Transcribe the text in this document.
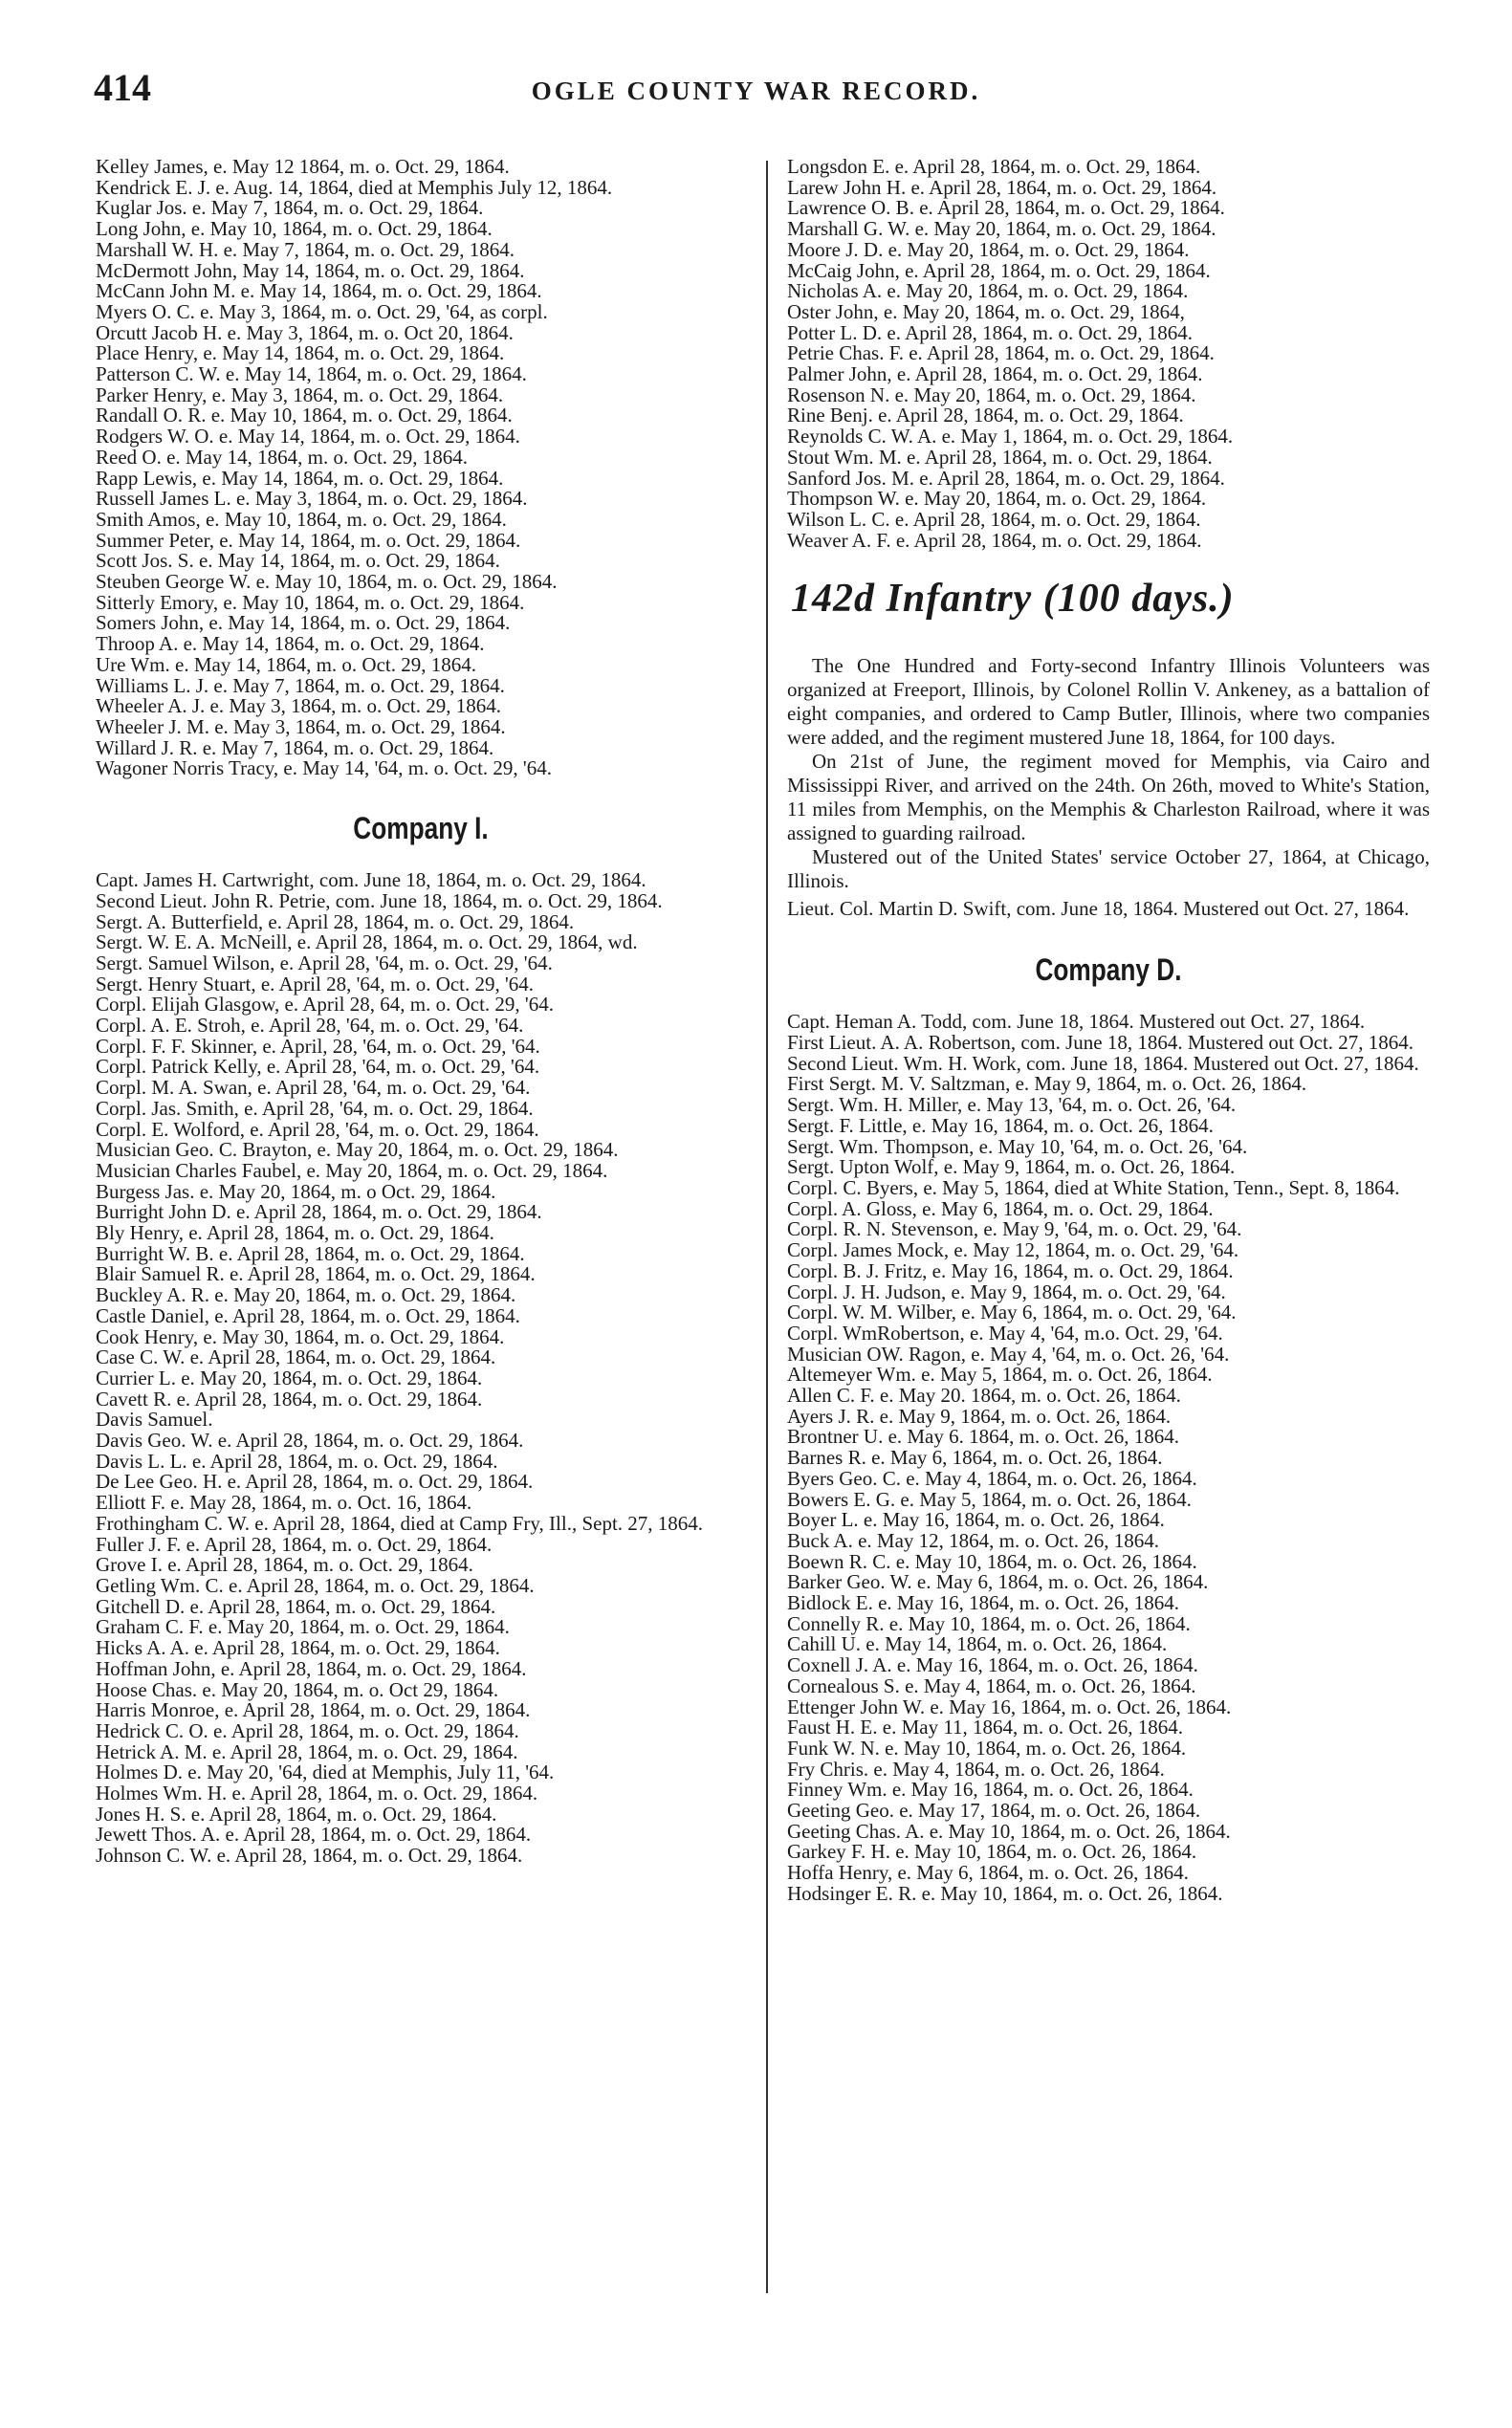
414	OGLE COUNTY WAR RECORD.
Kelley James, e. May 12 1864, m. o. Oct. 29, 1864.
Kendrick E. J. e. Aug. 14, 1864, died at Memphis July 12, 1864.
Kuglar Jos. e. May 7, 1864, m. o. Oct. 29, 1864.
Long John, e. May 10, 1864, m. o. Oct. 29, 1864.
Marshall W. H. e. May 7, 1864, m. o. Oct. 29, 1864.
McDermott John, May 14, 1864, m. o. Oct. 29, 1864.
McCann John M. e. May 14, 1864, m. o. Oct. 29, 1864.
Myers O. C. e. May 3, 1864, m. o. Oct. 29, '64, as corpl.
Orcutt Jacob H. e. May 3, 1864, m. o. Oct 20, 1864.
Place Henry, e. May 14, 1864, m. o. Oct. 29, 1864.
Patterson C. W. e. May 14, 1864, m. o. Oct. 29, 1864.
Parker Henry, e. May 3, 1864, m. o. Oct. 29, 1864.
Randall O. R. e. May 10, 1864, m. o. Oct. 29, 1864.
Rodgers W. O. e. May 14, 1864, m. o. Oct. 29, 1864.
Reed O. e. May 14, 1864, m. o. Oct. 29, 1864.
Rapp Lewis, e. May 14, 1864, m. o. Oct. 29, 1864.
Russell James L. e. May 3, 1864, m. o. Oct. 29, 1864.
Smith Amos, e. May 10, 1864, m. o. Oct. 29, 1864.
Summer Peter, e. May 14, 1864, m. o. Oct. 29, 1864.
Scott Jos. S. e. May 14, 1864, m. o. Oct. 29, 1864.
Steuben George W. e. May 10, 1864, m. o. Oct. 29, 1864.
Sitterly Emory, e. May 10, 1864, m. o. Oct. 29, 1864.
Somers John, e. May 14, 1864, m. o. Oct. 29, 1864.
Throop A. e. May 14, 1864, m. o. Oct. 29, 1864.
Ure Wm. e. May 14, 1864, m. o. Oct. 29, 1864.
Williams L. J. e. May 7, 1864, m. o. Oct. 29, 1864.
Wheeler A. J. e. May 3, 1864, m. o. Oct. 29, 1864.
Wheeler J. M. e. May 3, 1864, m. o. Oct. 29, 1864.
Willard J. R. e. May 7, 1864, m. o. Oct. 29, 1864.
Wagoner Norris Tracy, e. May 14, '64, m. o. Oct. 29, '64.
Company I.
Capt. James H. Cartwright, com. June 18, 1864, m. o. Oct. 29, 1864.
Second Lieut. John R. Petrie, com. June 18, 1864, m. o. Oct. 29, 1864.
Sergt. A. Butterfield, e. April 28, 1864, m. o. Oct. 29, 1864.
Sergt. W. E. A. McNeill, e. April 28, 1864, m. o. Oct. 29, 1864, wd.
Sergt. Samuel Wilson, e. April 28, '64, m. o. Oct. 29, '64.
Sergt. Henry Stuart, e. April 28, '64, m. o. Oct. 29, '64.
Corpl. Elijah Glasgow, e. April 28, 64, m. o. Oct. 29, '64.
Corpl. A. E. Stroh, e. April 28, '64, m. o. Oct. 29, '64.
Corpl. F. F. Skinner, e. April, 28, '64, m. o. Oct. 29, '64.
Corpl. Patrick Kelly, e. April 28, '64, m. o. Oct. 29, '64.
Corpl. M. A. Swan, e. April 28, '64, m. o. Oct. 29, '64.
Corpl. Jas. Smith, e. April 28, '64, m. o. Oct. 29, 1864.
Corpl. E. Wolford, e. April 28, '64, m. o. Oct. 29, 1864.
Musician Geo. C. Brayton, e. May 20, 1864, m. o. Oct. 29, 1864.
Musician Charles Faubel, e. May 20, 1864, m. o. Oct. 29, 1864.
Burgess Jas. e. May 20, 1864, m. o Oct. 29, 1864.
Burright John D. e. April 28, 1864, m. o. Oct. 29, 1864.
Bly Henry, e. April 28, 1864, m. o. Oct. 29, 1864.
Burright W. B. e. April 28, 1864, m. o. Oct. 29, 1864.
Blair Samuel R. e. April 28, 1864, m. o. Oct. 29, 1864.
Buckley A. R. e. May 20, 1864, m. o. Oct. 29, 1864.
Castle Daniel, e. April 28, 1864, m. o. Oct. 29, 1864.
Cook Henry, e. May 30, 1864, m. o. Oct. 29, 1864.
Case C. W. e. April 28, 1864, m. o. Oct. 29, 1864.
Currier L. e. May 20, 1864, m. o. Oct. 29, 1864.
Cavett R. e. April 28, 1864, m. o. Oct. 29, 1864.
Davis Samuel.
Davis Geo. W. e. April 28, 1864, m. o. Oct. 29, 1864.
Davis L. L. e. April 28, 1864, m. o. Oct. 29, 1864.
De Lee Geo. H. e. April 28, 1864, m. o. Oct. 29, 1864.
Elliott F. e. May 28, 1864, m. o. Oct. 16, 1864.
Frothingham C. W. e. April 28, 1864, died at Camp Fry, Ill., Sept. 27, 1864.
Fuller J. F. e. April 28, 1864, m. o. Oct. 29, 1864.
Grove I. e. April 28, 1864, m. o. Oct. 29, 1864.
Getling Wm. C. e. April 28, 1864, m. o. Oct. 29, 1864.
Gitchell D. e. April 28, 1864, m. o. Oct. 29, 1864.
Graham C. F. e. May 20, 1864, m. o. Oct. 29, 1864.
Hicks A. A. e. April 28, 1864, m. o. Oct. 29, 1864.
Hoffman John, e. April 28, 1864, m. o. Oct. 29, 1864.
Hoose Chas. e. May 20, 1864, m. o. Oct 29, 1864.
Harris Monroe, e. April 28, 1864, m. o. Oct. 29, 1864.
Hedrick C. O. e. April 28, 1864, m. o. Oct. 29, 1864.
Hetrick A. M. e. April 28, 1864, m. o. Oct. 29, 1864.
Holmes D. e. May 20, '64, died at Memphis, July 11, '64.
Holmes Wm. H. e. April 28, 1864, m. o. Oct. 29, 1864.
Jones H. S. e. April 28, 1864, m. o. Oct. 29, 1864.
Jewett Thos. A. e. April 28, 1864, m. o. Oct. 29, 1864.
Johnson C. W. e. April 28, 1864, m. o. Oct. 29, 1864.
Longsdon E. e. April 28, 1864, m. o. Oct. 29, 1864.
Larew John H. e. April 28, 1864, m. o. Oct. 29, 1864.
Lawrence O. B. e. April 28, 1864, m. o. Oct. 29, 1864.
Marshall G. W. e. May 20, 1864, m. o. Oct. 29, 1864.
Moore J. D. e. May 20, 1864, m. o. Oct. 29, 1864.
McCaig John, e. April 28, 1864, m. o. Oct. 29, 1864.
Nicholas A. e. May 20, 1864, m. o. Oct. 29, 1864.
Oster John, e. May 20, 1864, m. o. Oct. 29, 1864,
Potter L. D. e. April 28, 1864, m. o. Oct. 29, 1864.
Petrie Chas. F. e. April 28, 1864, m. o. Oct. 29, 1864.
Palmer John, e. April 28, 1864, m. o. Oct. 29, 1864.
Rosenson N. e. May 20, 1864, m. o. Oct. 29, 1864.
Rine Benj. e. April 28, 1864, m. o. Oct. 29, 1864.
Reynolds C. W. A. e. May 1, 1864, m. o. Oct. 29, 1864.
Stout Wm. M. e. April 28, 1864, m. o. Oct. 29, 1864.
Sanford Jos. M. e. April 28, 1864, m. o. Oct. 29, 1864.
Thompson W. e. May 20, 1864, m. o. Oct. 29, 1864.
Wilson L. C. e. April 28, 1864, m. o. Oct. 29, 1864.
Weaver A. F. e. April 28, 1864, m. o. Oct. 29, 1864.
142d Infantry (100 days.)
The One Hundred and Forty-second Infantry Illinois Volunteers was organized at Freeport, Illinois, by Colonel Rollin V. Ankeney, as a battalion of eight companies, and ordered to Camp Butler, Illinois, where two companies were added, and the regiment mustered June 18, 1864, for 100 days.
On 21st of June, the regiment moved for Memphis, via Cairo and Mississippi River, and arrived on the 24th. On 26th, moved to White's Station, 11 miles from Memphis, on the Memphis & Charleston Railroad, where it was assigned to guarding railroad.
Mustered out of the United States' service October 27, 1864, at Chicago, Illinois.
Lieut. Col. Martin D. Swift, com. June 18, 1864. Mustered out Oct. 27, 1864.
Company D.
Capt. Heman A. Todd, com. June 18, 1864. Mustered out Oct. 27, 1864.
First Lieut. A. A. Robertson, com. June 18, 1864. Mustered out Oct. 27, 1864.
Second Lieut. Wm. H. Work, com. June 18, 1864. Mustered out Oct. 27, 1864.
First Sergt. M. V. Saltzman, e. May 9, 1864, m. o. Oct. 26, 1864.
Sergt. Wm. H. Miller, e. May 13, '64, m. o. Oct. 26, '64.
Sergt. F. Little, e. May 16, 1864, m. o. Oct. 26, 1864.
Sergt. Wm. Thompson, e. May 10, '64, m. o. Oct. 26, '64.
Sergt. Upton Wolf, e. May 9, 1864, m. o. Oct. 26, 1864.
Corpl. C. Byers, e. May 5, 1864, died at White Station, Tenn., Sept. 8, 1864.
Corpl. A. Gloss, e. May 6, 1864, m. o. Oct. 29, 1864.
Corpl. R. N. Stevenson, e. May 9, '64, m. o. Oct. 29, '64.
Corpl. James Mock, e. May 12, 1864, m. o. Oct. 29, '64.
Corpl. B. J. Fritz, e. May 16, 1864, m. o. Oct. 29, 1864.
Corpl. J. H. Judson, e. May 9, 1864, m. o. Oct. 29, '64.
Corpl. W. M. Wilber, e. May 6, 1864, m. o. Oct. 29, '64.
Corpl. WmRobertson, e. May 4, '64, m.o. Oct. 29, '64.
Musician OW. Ragon, e. May 4, '64, m. o. Oct. 26, '64.
Altemeyer Wm. e. May 5, 1864, m. o. Oct. 26, 1864.
Allen C. F. e. May 20. 1864, m. o. Oct. 26, 1864.
Ayers J. R. e. May 9, 1864, m. o. Oct. 26, 1864.
Brontner U. e. May 6. 1864, m. o. Oct. 26, 1864.
Barnes R. e. May 6, 1864, m. o. Oct. 26, 1864.
Byers Geo. C. e. May 4, 1864, m. o. Oct. 26, 1864.
Bowers E. G. e. May 5, 1864, m. o. Oct. 26, 1864.
Boyer L. e. May 16, 1864, m. o. Oct. 26, 1864.
Buck A. e. May 12, 1864, m. o. Oct. 26, 1864.
Boewn R. C. e. May 10, 1864, m. o. Oct. 26, 1864.
Barker Geo. W. e. May 6, 1864, m. o. Oct. 26, 1864.
Bidlock E. e. May 16, 1864, m. o. Oct. 26, 1864.
Connelly R. e. May 10, 1864, m. o. Oct. 26, 1864.
Cahill U. e. May 14, 1864, m. o. Oct. 26, 1864.
Coxnell J. A. e. May 16, 1864, m. o. Oct. 26, 1864.
Cornealous S. e. May 4, 1864, m. o. Oct. 26, 1864.
Ettenger John W. e. May 16, 1864, m. o. Oct. 26, 1864.
Faust H. E. e. May 11, 1864, m. o. Oct. 26, 1864.
Funk W. N. e. May 10, 1864, m. o. Oct. 26, 1864.
Fry Chris. e. May 4, 1864, m. o. Oct. 26, 1864.
Finney Wm. e. May 16, 1864, m. o. Oct. 26, 1864.
Geeting Geo. e. May 17, 1864, m. o. Oct. 26, 1864.
Geeting Chas. A. e. May 10, 1864, m. o. Oct. 26, 1864.
Garkey F. H. e. May 10, 1864, m. o. Oct. 26, 1864.
Hoffa Henry, e. May 6, 1864, m. o. Oct. 26, 1864.
Hodsinger E. R. e. May 10, 1864, m. o. Oct. 26, 1864.
